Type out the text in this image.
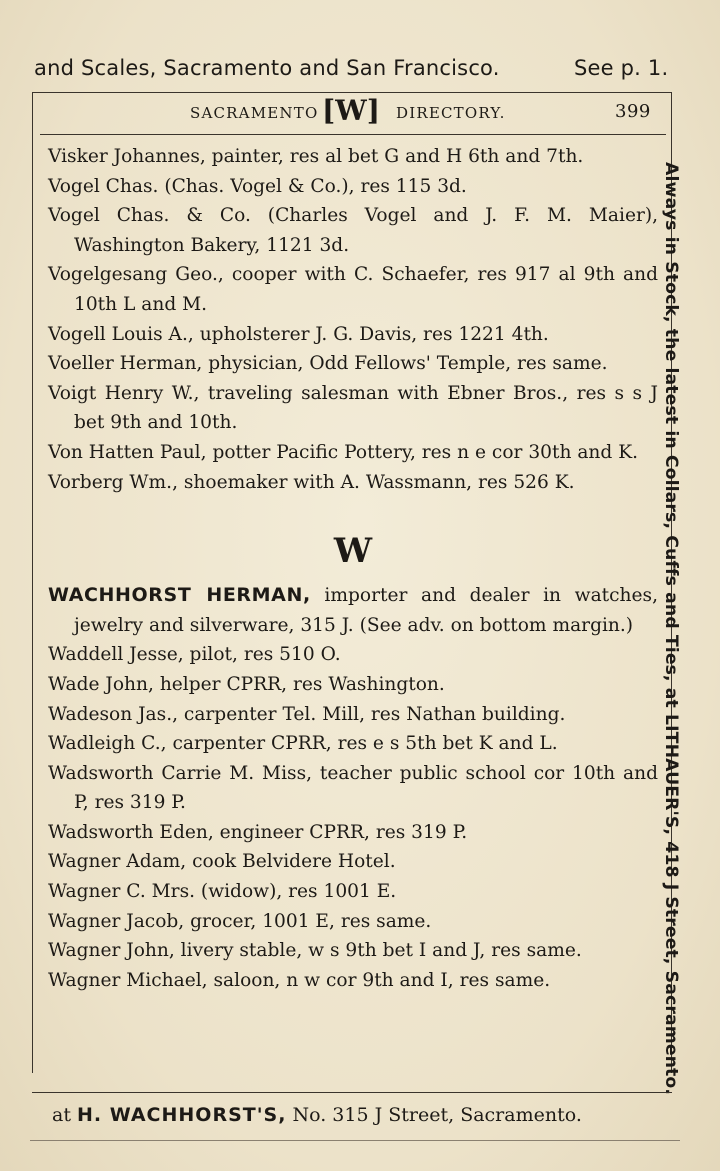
and Scales, Sacramento and San Francisco.	See p. 1.
SACRAMENTO [W] DIRECTORY.	399
Visker Johannes, painter, res al bet G and H 6th and 7th.
Vogel Chas. (Chas. Vogel & Co.), res 115 3d.
Vogel Chas. & Co. (Charles Vogel and J. F. M. Maier), Washington Bakery, 1121 3d.
Vogelgesang Geo., cooper with C. Schaefer, res 917 al 9th and 10th L and M.
Vogell Louis A., upholsterer J. G. Davis, res 1221 4th.
Voeller Herman, physician, Odd Fellows' Temple, res same.
Voigt Henry W., traveling salesman with Ebner Bros., res s s J bet 9th and 10th.
Von Hatten Paul, potter Pacific Pottery, res n e cor 30th and K.
Vorberg Wm., shoemaker with A. Wassmann, res 526 K.
W
WACHHORST HERMAN, importer and dealer in watches, jewelry and silverware, 315 J. (See adv. on bottom margin.)
Waddell Jesse, pilot, res 510 O.
Wade John, helper CPRR, res Washington.
Wadeson Jas., carpenter Tel. Mill, res Nathan building.
Wadleigh C., carpenter CPRR, res e s 5th bet K and L.
Wadsworth Carrie M. Miss, teacher public school cor 10th and P, res 319 P.
Wadsworth Eden, engineer CPRR, res 319 P.
Wagner Adam, cook Belvidere Hotel.
Wagner C. Mrs. (widow), res 1001 E.
Wagner Jacob, grocer, 1001 E, res same.
Wagner John, livery stable, w s 9th bet I and J, res same.
Wagner Michael, saloon, n w cor 9th and I, res same.	Always in Stock, the latest in Collars, Cuffs and Ties, at LITHAUER'S, 418 J Street, Sacramento.
at H. WACHHORST'S, No. 315 J Street, Sacramento.
